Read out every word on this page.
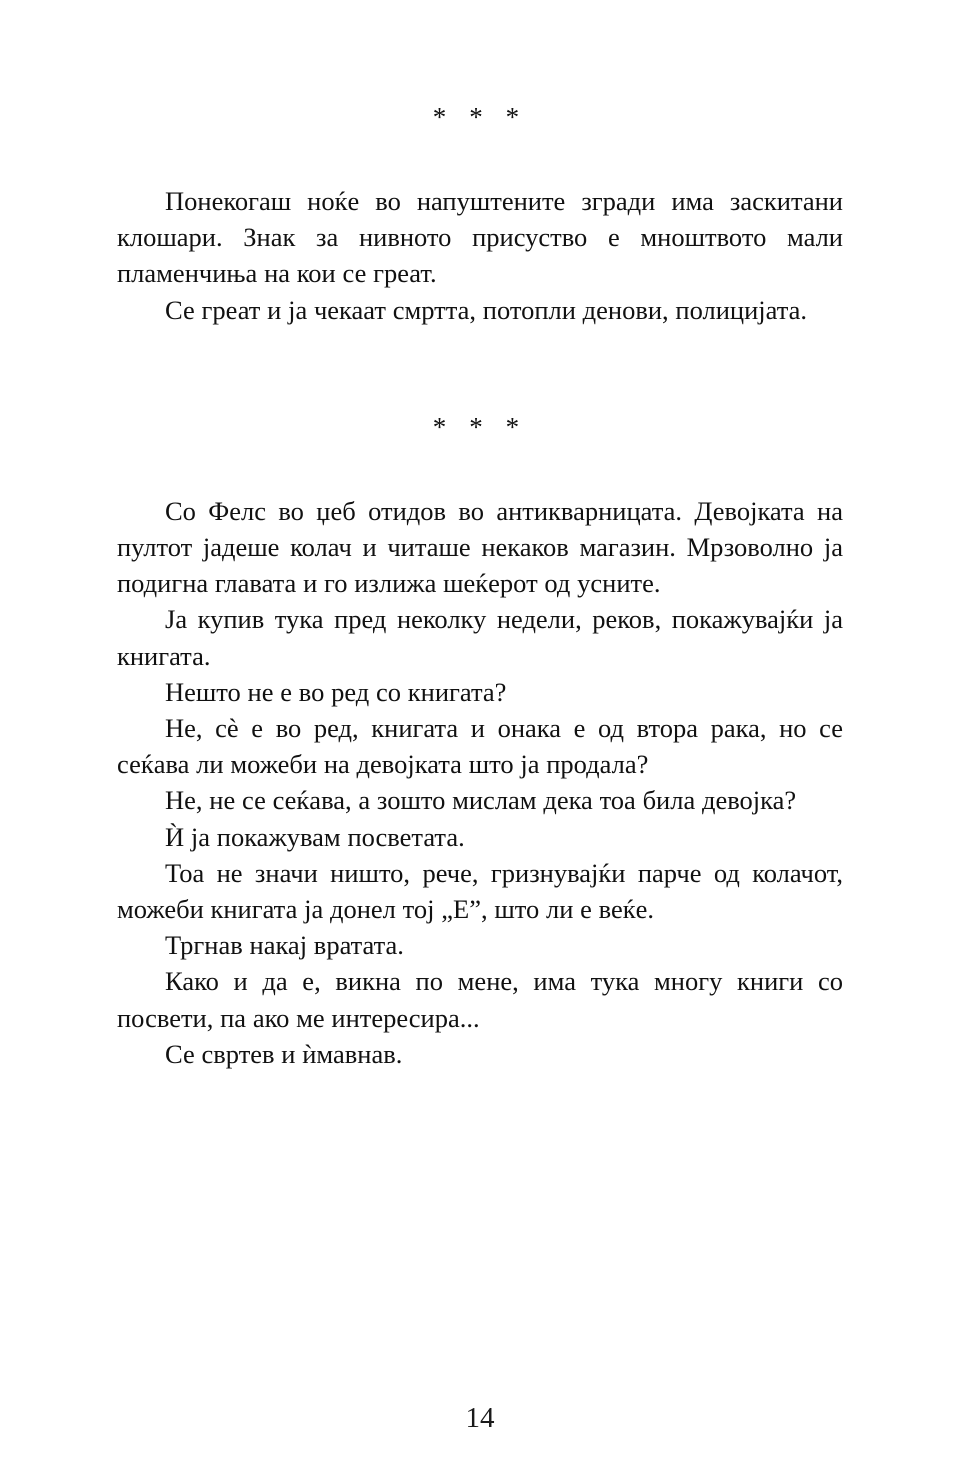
* * *

Понекогаш ноќе во напуштените згради има заскитани клошари. Знак за нивното присуство е мноштвото мали пламенчиња на кои се греат.

Се греат и ја чекаат смртта, потопли денови, полицијата.

* * *

Со Фелс во џеб отидов во антикварницата. Девојката на пултот јадеше колач и читаше некаков магазин. Мрзоволно ја подигна главата и го излижа шеќерот од усните.

Ја купив тука пред неколку недели, реков, покажувајќи ја книгата.

Нешто не е во ред со книгата?

Не, сѐ е во ред, книгата и онака е од втора рака, но се сеќава ли можеби на девојката што ја продала?

Не, не се сеќава, а зошто мислам дека тоа била девојка?

Ѝ ја покажувам посветата.

Тоа не значи ништо, рече, гризнувајќи парче од колачот, можеби книгата ја донел тој „Е”, што ли е веќе.

Тргнав накај вратата.

Како и да е, викна по мене, има тука многу книги со посвети, па ако ме интересира...

Се свртев и ѝмавнав.

14
